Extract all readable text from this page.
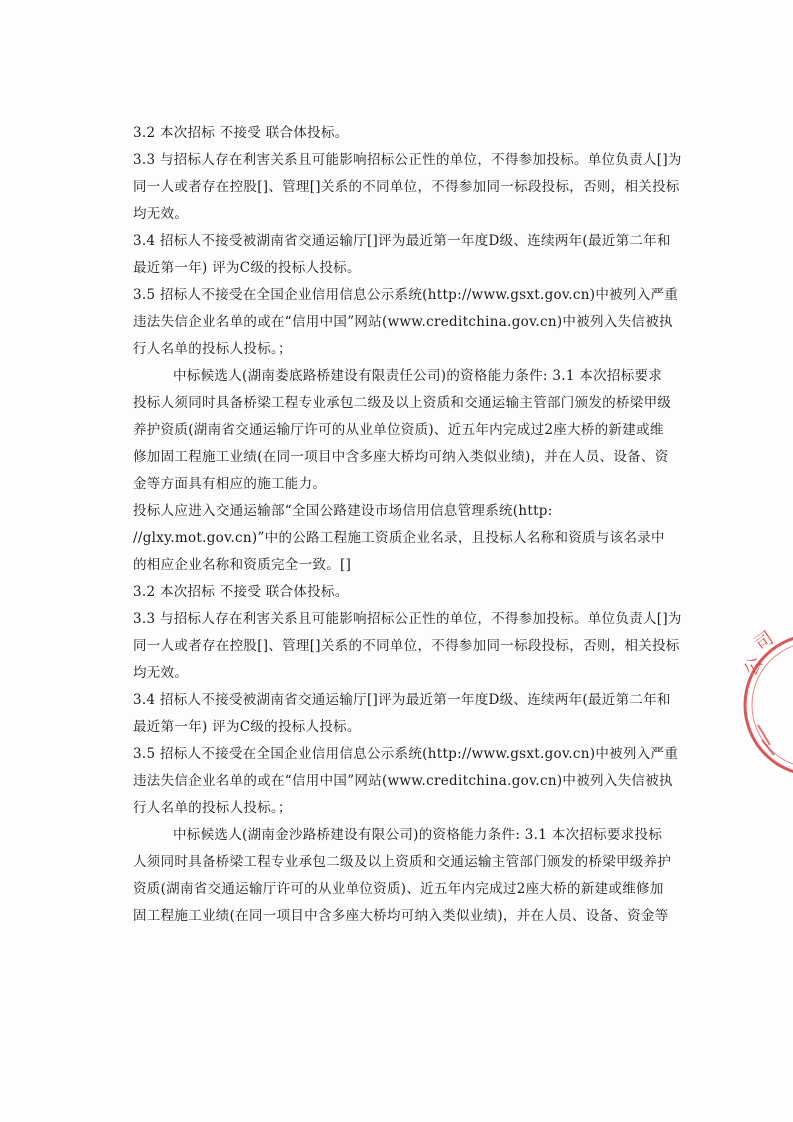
3.2 本次招标 不接受 联合体投标。
3.3 与招标人存在利害关系且可能影响招标公正性的单位，不得参加投标。单位负责人[]为
同一人或者存在控股[]、管理[]关系的不同单位，不得参加同一标段投标，否则，相关投标
均无效。
3.4 招标人不接受被湖南省交通运输厅[]评为最近第一年度D级、连续两年(最近第二年和
最近第一年) 评为C级的投标人投标。
3.5 招标人不接受在全国企业信用信息公示系统(http://www.gsxt.gov.cn)中被列入严重
违法失信企业名单的或在“信用中国”网站(www.creditchina.gov.cn)中被列入失信被执
行人名单的投标人投标。；
中标候选人(湖南娄底路桥建设有限责任公司)的资格能力条件: 3.1 本次招标要求
投标人须同时具备桥梁工程专业承包二级及以上资质和交通运输主管部门颁发的桥梁甲级
养护资质(湖南省交通运输厅许可的从业单位资质)、近五年内完成过2座大桥的新建或维
修加固工程施工业绩(在同一项目中含多座大桥均可纳入类似业绩)，并在人员、设备、资
金等方面具有相应的施工能力。
投标人应进入交通运输部“全国公路建设市场信用信息管理系统(http:
//glxy.mot.gov.cn)”中的公路工程施工资质企业名录，且投标人名称和资质与该名录中
的相应企业名称和资质完全一致。[]
3.2 本次招标 不接受 联合体投标。
3.3 与招标人存在利害关系且可能影响招标公正性的单位，不得参加投标。单位负责人[]为
同一人或者存在控股[]、管理[]关系的不同单位，不得参加同一标段投标，否则，相关投标
均无效。
3.4 招标人不接受被湖南省交通运输厅[]评为最近第一年度D级、连续两年(最近第二年和
最近第一年) 评为C级的投标人投标。
3.5 招标人不接受在全国企业信用信息公示系统(http://www.gsxt.gov.cn)中被列入严重
违法失信企业名单的或在“信用中国”网站(www.creditchina.gov.cn)中被列入失信被执
行人名单的投标人投标。；
中标候选人(湖南金沙路桥建设有限公司)的资格能力条件: 3.1 本次招标要求投标
人须同时具备桥梁工程专业承包二级及以上资质和交通运输主管部门颁发的桥梁甲级养护
资质(湖南省交通运输厅许可的从业单位资质)、近五年内完成过2座大桥的新建或维修加
固工程施工业绩(在同一项目中含多座大桥均可纳入类似业绩)，并在人员、设备、资金等
公
司
